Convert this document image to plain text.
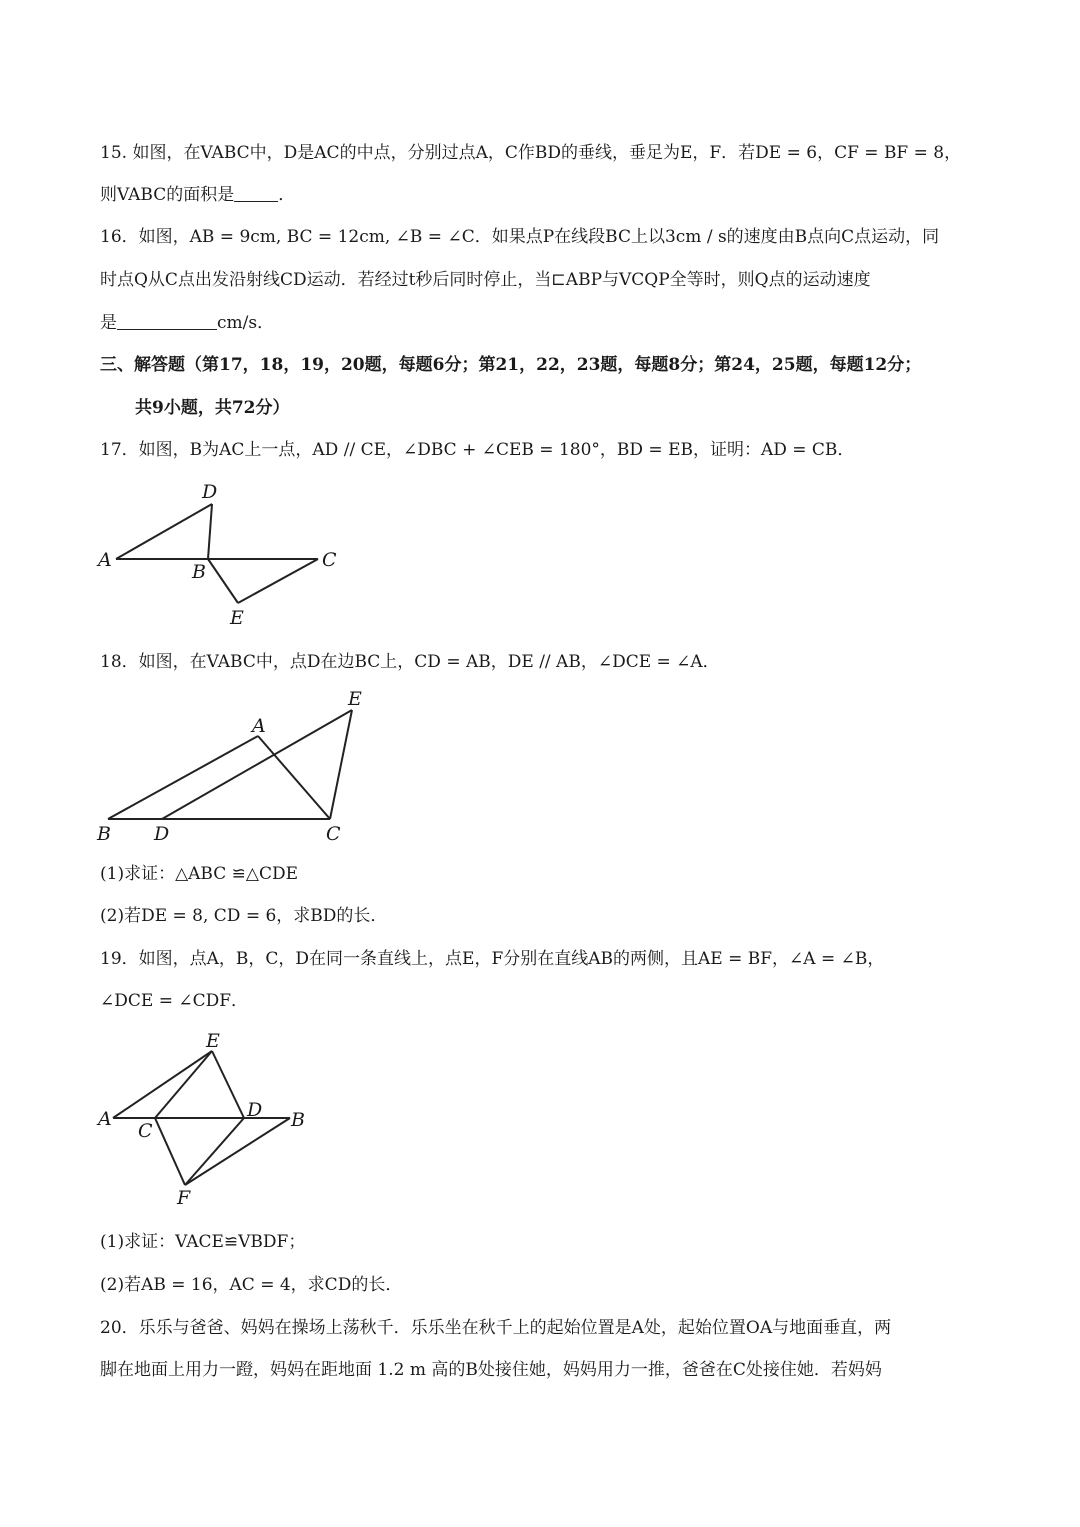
15. 如图，在VABC中，D是AC的中点，分别过点A，C作BD的垂线，垂足为E，F．若DE = 6，CF = BF = 8，
则VABC的面积是	．
16．如图，AB = 9cm, BC = 12cm, ∠B = ∠C．如果点P在线段BC上以3cm / s的速度由B点向C点运动，同
时点Q从C点出发沿射线CD运动．若经过t秒后同时停止，当⊏ABP与VCQP全等时，则Q点的运动速度
是	cm/s．
三、解答题（第17，18，19，20题，每题6分；第21，22，23题，每题8分；第24，25题，每题12分；
共9小题，共72分）
17．如图，B为AC上一点，AD // CE，∠DBC + ∠CEB = 180°，BD = EB，证明：AD = CB．
D
A
B
C
E
18．如图，在VABC中，点D在边BC上，CD = AB，DE // AB，∠DCE = ∠A．
A
E
B D	C
(1)求证：△ABC ≌△CDE
(2)若DE = 8, CD = 6，求BD的长．
19．如图，点A，B，C，D在同一条直线上，点E，F分别在直线AB的两侧，且AE = BF，∠A = ∠B，
∠DCE = ∠CDF．
E
A
C
D B
F
(1)求证：VACE≌VBDF；
(2)若AB = 16，AC = 4，求CD的长．
20．乐乐与爸爸、妈妈在操场上荡秋千．乐乐坐在秋千上的起始位置是A处，起始位置OA与地面垂直，两
脚在地面上用力一蹬，妈妈在距地面 1.2 m 高的B处接住她，妈妈用力一推，爸爸在C处接住她．若妈妈
